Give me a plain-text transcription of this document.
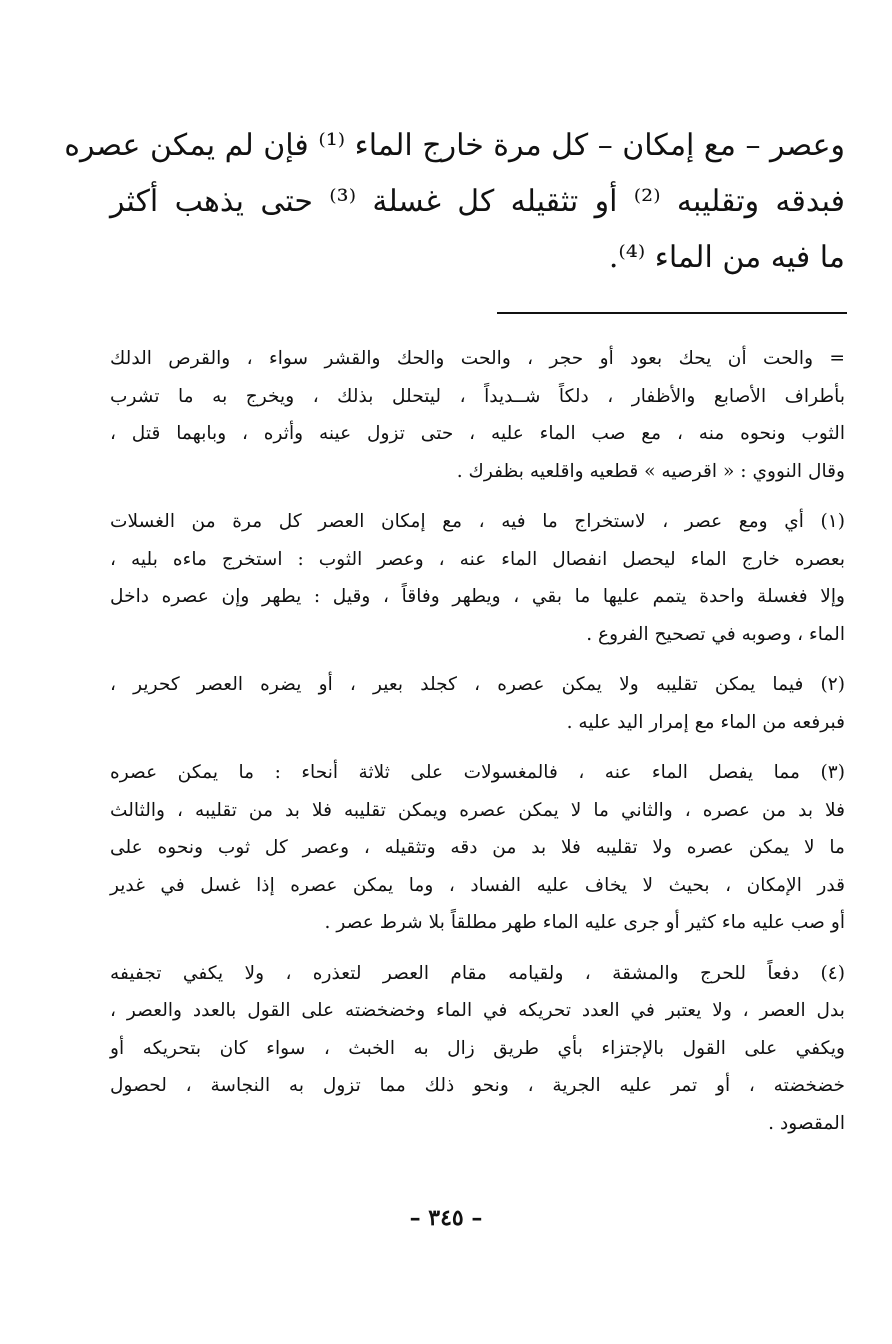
وعصر – مع إمكان – كل مرة خارج الماء ⁽¹⁾ فإن لم يمكن عصره
فبدقه وتقليبه ⁽²⁾ أو تثقيله كل غسلة ⁽³⁾ حتى يذهب أكثر
ما فيه من الماء ⁽⁴⁾.
= والحت أن يحك بعود أو حجر ، والحت والحك والقشر سواء ، والقرص الدلك
بأطراف الأصابع والأظفار ، دلكاً شــديداً ، ليتحلل بذلك ، ويخرج به ما تشرب
الثوب ونحوه منه ، مع صب الماء عليه ، حتى تزول عينه وأثره ، وبابهما قتل ،
وقال النووي : « اقرصيه » قطعيه واقلعيه بظفرك .
(١) أي ومع عصر ، لاستخراج ما فيه ، مع إمكان العصر كل مرة من الغسلات
بعصره خارج الماء ليحصل انفصال الماء عنه ، وعصر الثوب : استخرج ماءه بليه ،
وإلا فغسلة واحدة يتمم عليها ما بقي ، ويطهر وفاقاً ، وقيل : يطهر وإن عصره داخل
الماء ، وصوبه في تصحيح الفروع .
(٢) فيما يمكن تقليبه ولا يمكن عصره ، كجلد بعير ، أو يضره العصر كحرير ،
فبرفعه من الماء مع إمرار اليد عليه .
(٣) مما يفصل الماء عنه ، فالمغسولات على ثلاثة أنحاء : ما يمكن عصره
فلا بد من عصره ، والثاني ما لا يمكن عصره ويمكن تقليبه فلا بد من تقليبه ، والثالث
ما لا يمكن عصره ولا تقليبه فلا بد من دقه وتثقيله ، وعصر كل ثوب ونحوه على
قدر الإمكان ، بحيث لا يخاف عليه الفساد ، وما يمكن عصره إذا غسل في غدير
أو صب عليه ماء كثير أو جرى عليه الماء طهر مطلقاً بلا شرط عصر .
(٤) دفعاً للحرج والمشقة ، ولقيامه مقام العصر لتعذره ، ولا يكفي تجفيفه
بدل العصر ، ولا يعتبر في العدد تحريكه في الماء وخضخضته على القول بالعدد والعصر ،
ويكفي على القول بالإجتزاء بأي طريق زال به الخبث ، سواء كان بتحريكه أو
خضخضته ، أو تمر عليه الجرية ، ونحو ذلك مما تزول به النجاسة ، لحصول
المقصود .
– ٣٤٥ –
